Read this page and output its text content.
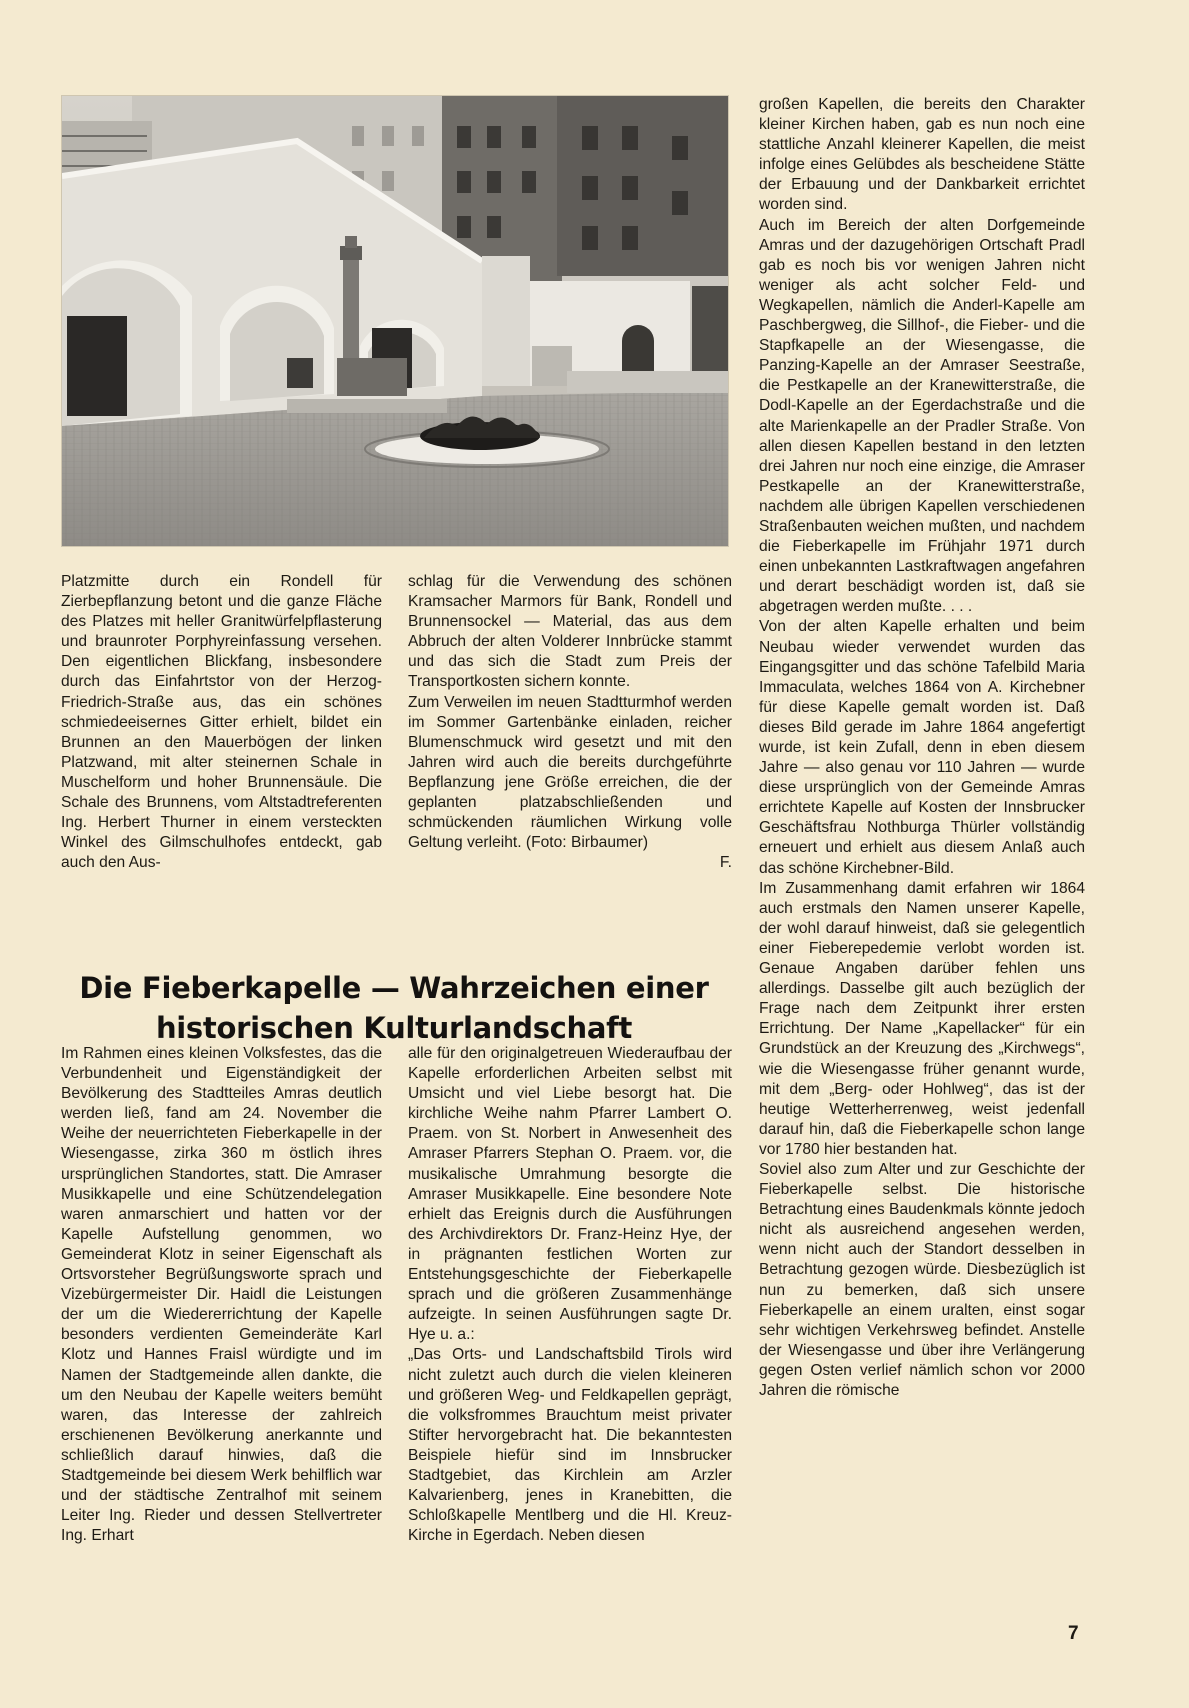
Platzmitte durch ein Rondell für Zierbepflanzung betont und die ganze Fläche des Platzes mit heller Granitwürfelpflasterung und braunroter Porphyreinfassung versehen. Den eigentlichen Blickfang, insbesondere durch das Einfahrtstor von der Herzog-Friedrich-Straße aus, das ein schönes schmiedeeisernes Gitter erhielt, bildet ein Brunnen an den Mauerbögen der linken Platzwand, mit alter steinernen Schale in Muschelform und hoher Brunnensäule. Die Schale des Brunnens, vom Altstadtreferenten Ing. Herbert Thurner in einem versteckten Winkel des Gilmschulhofes entdeckt, gab auch den Aus-

schlag für die Verwendung des schönen Kramsacher Marmors für Bank, Rondell und Brunnensockel — Material, das aus dem Abbruch der alten Volderer Innbrücke stammt und das sich die Stadt zum Preis der Transportkosten sichern konnte.

Zum Verweilen im neuen Stadtturmhof werden im Sommer Gartenbänke einladen, reicher Blumenschmuck wird gesetzt und mit den Jahren wird auch die bereits durchgeführte Bepflanzung jene Größe erreichen, die der geplanten platzabschließenden und schmückenden räumlichen Wirkung volle Geltung verleiht. (Foto: Birbaumer)
F.

Die Fieberkapelle — Wahrzeichen einer
historischen Kulturlandschaft

Im Rahmen eines kleinen Volksfestes, das die Verbundenheit und Eigenständigkeit der Bevölkerung des Stadtteiles Amras deutlich werden ließ, fand am 24. November die Weihe der neuerrichteten Fieberkapelle in der Wiesengasse, zirka 360 m östlich ihres ursprünglichen Standortes, statt. Die Amraser Musikkapelle und eine Schützendelegation waren anmarschiert und hatten vor der Kapelle Aufstellung genommen, wo Gemeinderat Klotz in seiner Eigenschaft als Ortsvorsteher Begrüßungsworte sprach und Vizebürgermeister Dir. Haidl die Leistungen der um die Wiedererrichtung der Kapelle besonders verdienten Gemeinderäte Karl Klotz und Hannes Fraisl würdigte und im Namen der Stadtgemeinde allen dankte, die um den Neubau der Kapelle weiters bemüht waren, das Interesse der zahlreich erschienenen Bevölkerung anerkannte und schließlich darauf hinwies, daß die Stadtgemeinde bei diesem Werk behilflich war und der städtische Zentralhof mit seinem Leiter Ing. Rieder und dessen Stellvertreter Ing. Erhart

alle für den originalgetreuen Wiederaufbau der Kapelle erforderlichen Arbeiten selbst mit Umsicht und viel Liebe besorgt hat. Die kirchliche Weihe nahm Pfarrer Lambert O. Praem. von St. Norbert in Anwesenheit des Amraser Pfarrers Stephan O. Praem. vor, die musikalische Umrahmung besorgte die Amraser Musikkapelle. Eine besondere Note erhielt das Ereignis durch die Ausführungen des Archivdirektors Dr. Franz-Heinz Hye, der in prägnanten festlichen Worten zur Entstehungsgeschichte der Fieberkapelle sprach und die größeren Zusammenhänge aufzeigte. In seinen Ausführungen sagte Dr. Hye u. a.:

„Das Orts- und Landschaftsbild Tirols wird nicht zuletzt auch durch die vielen kleineren und größeren Weg- und Feldkapellen geprägt, die volksfrommes Brauchtum meist privater Stifter hervorgebracht hat. Die bekanntesten Beispiele hiefür sind im Innsbrucker Stadtgebiet, das Kirchlein am Arzler Kalvarienberg, jenes in Kranebitten, die Schloßkapelle Mentlberg und die Hl. Kreuz-Kirche in Egerdach. Neben diesen

großen Kapellen, die bereits den Charakter kleiner Kirchen haben, gab es nun noch eine stattliche Anzahl kleinerer Kapellen, die meist infolge eines Gelübdes als bescheidene Stätte der Erbauung und der Dankbarkeit errichtet worden sind.

Auch im Bereich der alten Dorfgemeinde Amras und der dazugehörigen Ortschaft Pradl gab es noch bis vor wenigen Jahren nicht weniger als acht solcher Feld- und Wegkapellen, nämlich die Anderl-Kapelle am Paschbergweg, die Sillhof-, die Fieber- und die Stapfkapelle an der Wiesengasse, die Panzing-Kapelle an der Amraser Seestraße, die Pestkapelle an der Kranewitterstraße, die Dodl-Kapelle an der Egerdachstraße und die alte Marienkapelle an der Pradler Straße. Von allen diesen Kapellen bestand in den letzten drei Jahren nur noch eine einzige, die Amraser Pestkapelle an der Kranewitterstraße, nachdem alle übrigen Kapellen verschiedenen Straßenbauten weichen mußten, und nachdem die Fieberkapelle im Frühjahr 1971 durch einen unbekannten Lastkraftwagen angefahren und derart beschädigt worden ist, daß sie abgetragen werden mußte. . . .

Von der alten Kapelle erhalten und beim Neubau wieder verwendet wurden das Eingangsgitter und das schöne Tafelbild Maria Immaculata, welches 1864 von A. Kirchebner für diese Kapelle gemalt worden ist. Daß dieses Bild gerade im Jahre 1864 angefertigt wurde, ist kein Zufall, denn in eben diesem Jahre — also genau vor 110 Jahren — wurde diese ursprünglich von der Gemeinde Amras errichtete Kapelle auf Kosten der Innsbrucker Geschäftsfrau Nothburga Thürler vollständig erneuert und erhielt aus diesem Anlaß auch das schöne Kirchebner-Bild.

Im Zusammenhang damit erfahren wir 1864 auch erstmals den Namen unserer Kapelle, der wohl darauf hinweist, daß sie gelegentlich einer Fieberepedemie verlobt worden ist. Genaue Angaben darüber fehlen uns allerdings. Dasselbe gilt auch bezüglich der Frage nach dem Zeitpunkt ihrer ersten Errichtung. Der Name „Kapellacker“ für ein Grundstück an der Kreuzung des „Kirchwegs“, wie die Wiesengasse früher genannt wurde, mit dem „Berg- oder Hohlweg“, das ist der heutige Wetterherrenweg, weist jedenfall darauf hin, daß die Fieberkapelle schon lange vor 1780 hier bestanden hat.

Soviel also zum Alter und zur Geschichte der Fieberkapelle selbst. Die historische Betrachtung eines Baudenkmals könnte jedoch nicht als ausreichend angesehen werden, wenn nicht auch der Standort desselben in Betrachtung gezogen würde. Diesbezüglich ist nun zu bemerken, daß sich unsere Fieberkapelle an einem uralten, einst sogar sehr wichtigen Verkehrsweg befindet. Anstelle der Wiesengasse und über ihre Verlängerung gegen Osten verlief nämlich schon vor 2000 Jahren die römische

7
